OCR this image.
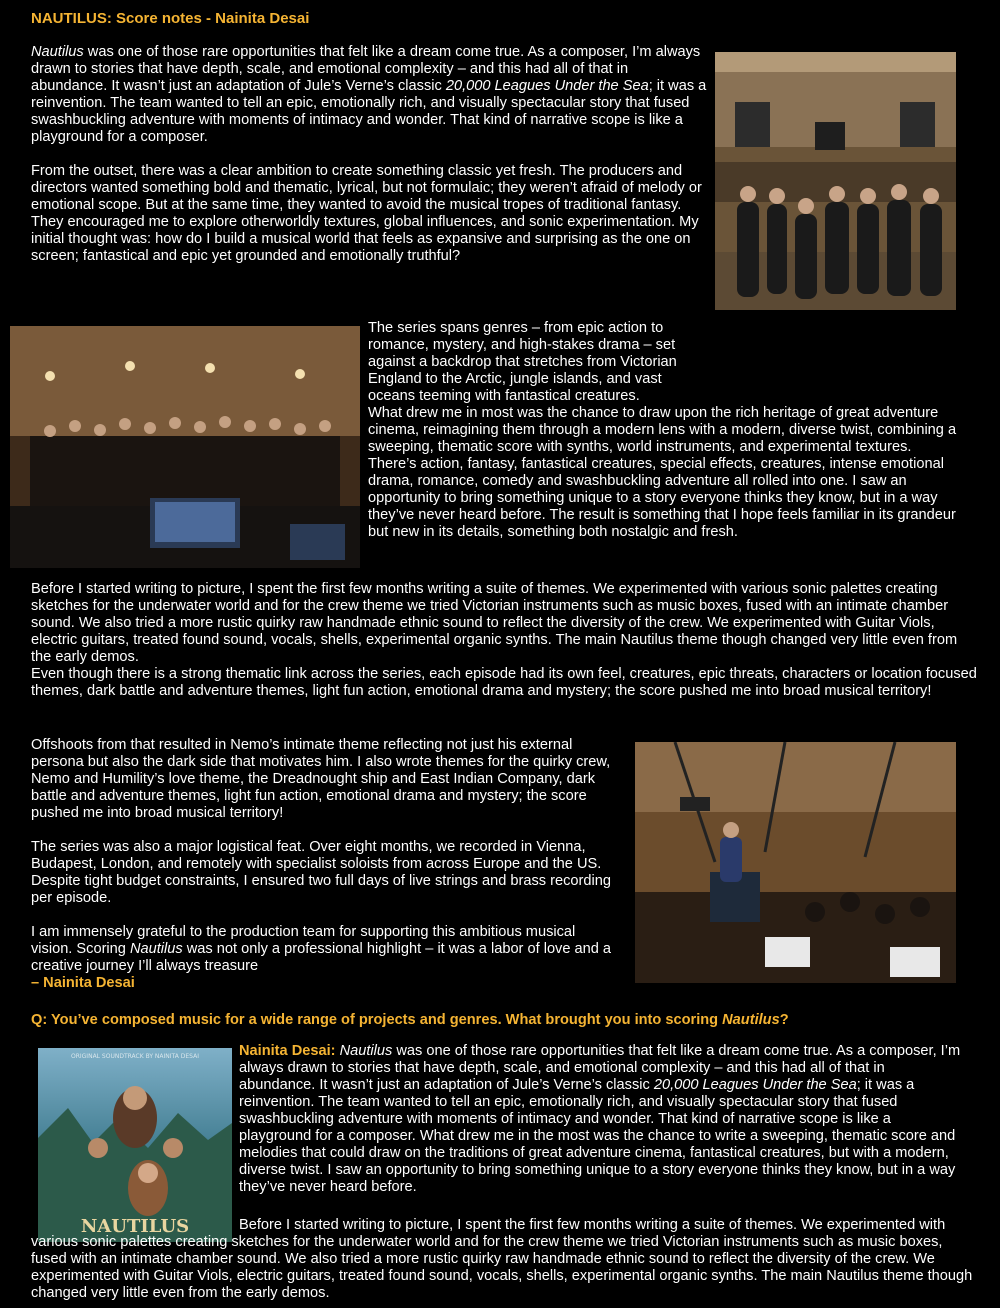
NAUTILUS: Score notes - Nainita Desai

Nautilus was one of those rare opportunities that felt like a dream come true. As a composer, I’m always drawn to stories that have depth, scale, and emotional complexity – and this had all of that in abundance. It wasn’t just an adaptation of Jule’s Verne’s classic 20,000 Leagues Under the Sea; it was a reinvention. The team wanted to tell an epic, emotionally rich, and visually spectacular story that fused swashbuckling adventure with moments of intimacy and wonder. That kind of narrative scope is like a playground for a composer.

From the outset, there was a clear ambition to create something classic yet fresh. The producers and directors wanted something bold and thematic, lyrical, but not formulaic; they weren’t afraid of melody or emotional scope. But at the same time, they wanted to avoid the musical tropes of traditional fantasy. They encouraged me to explore otherworldly textures, global influences, and sonic experimentation. My initial thought was: how do I build a musical world that feels as expansive and surprising as the one on screen; fantastical and epic yet grounded and emotionally truthful?

The series spans genres – from epic action to romance, mystery, and high-stakes drama – set against a backdrop that stretches from Victorian England to the Arctic, jungle islands, and vast oceans teeming with fantastical creatures.

What drew me in most was the chance to draw upon the rich heritage of great adventure cinema, reimagining them through a modern lens with a modern, diverse twist, combining a sweeping, thematic score with synths, world instruments, and experimental textures. There’s action, fantasy, fantastical creatures, special effects, creatures, intense emotional drama, romance, comedy and swashbuckling adventure all rolled into one. I saw an opportunity to bring something unique to a story everyone thinks they know, but in a way they’ve never heard before. The result is something that I hope feels familiar in its grandeur but new in its details, something both nostalgic and fresh.

Before I started writing to picture, I spent the first few months writing a suite of themes. We experimented with various sonic palettes creating sketches for the underwater world and for the crew theme we tried Victorian instruments such as music boxes, fused with an intimate chamber sound. We also tried a more rustic quirky raw handmade ethnic sound to reflect the diversity of the crew. We experimented with Guitar Viols, electric guitars, treated found sound, vocals, shells, experimental organic synths. The main Nautilus theme though changed very little even from the early demos.

Even though there is a strong thematic link across the series, each episode had its own feel, creatures, epic threats, characters or location focused themes, dark battle and adventure themes, light fun action, emotional drama and mystery; the score pushed me into broad musical territory!

Offshoots from that resulted in Nemo’s intimate theme reflecting not just his external persona but also the dark side that motivates him. I also wrote themes for the quirky crew, Nemo and Humility’s love theme, the Dreadnought ship and East Indian Company, dark battle and adventure themes, light fun action, emotional drama and mystery; the score pushed me into broad musical territory!

The series was also a major logistical feat. Over eight months, we recorded in Vienna, Budapest, London, and remotely with specialist soloists from across Europe and the US. Despite tight budget constraints, I ensured two full days of live strings and brass recording per episode.

I am immensely grateful to the production team for supporting this ambitious musical vision. Scoring Nautilus was not only a professional highlight – it was a labor of love and a creative journey I’ll always treasure
– Nainita Desai

Q: You’ve composed music for a wide range of projects and genres. What brought you into scoring Nautilus?
ORIGINAL SOUNDTRACK BY NAINITA DESAI
NAUTILUS

Nainita Desai: Nautilus was one of those rare opportunities that felt like a dream come true. As a composer, I’m always drawn to stories that have depth, scale, and emotional complexity – and this had all of that in abundance. It wasn’t just an adaptation of Jule’s Verne’s classic 20,000 Leagues Under the Sea; it was a reinvention. The team wanted to tell an epic, emotionally rich, and visually spectacular story that fused swashbuckling adventure with moments of intimacy and wonder. That kind of narrative scope is like a playground for a composer. What drew me in the most was the chance to write a sweeping, thematic score and melodies that could draw on the traditions of great adventure cinema, fantastical creatures, but with a modern, diverse twist. I saw an opportunity to bring something unique to a story everyone thinks they know, but in a way they’ve never heard before.

Before I started writing to picture, I spent the first few months writing a suite of themes. We experimented with various sonic palettes creating sketches for the underwater world and for the crew theme we tried Victorian instruments such as music boxes, fused with an intimate chamber sound. We also tried a more rustic quirky raw handmade ethnic sound to reflect the diversity of the crew. We experimented with Guitar Viols, electric guitars, treated found sound, vocals, shells, experimental organic synths. The main Nautilus theme though changed very little even from the early demos.
